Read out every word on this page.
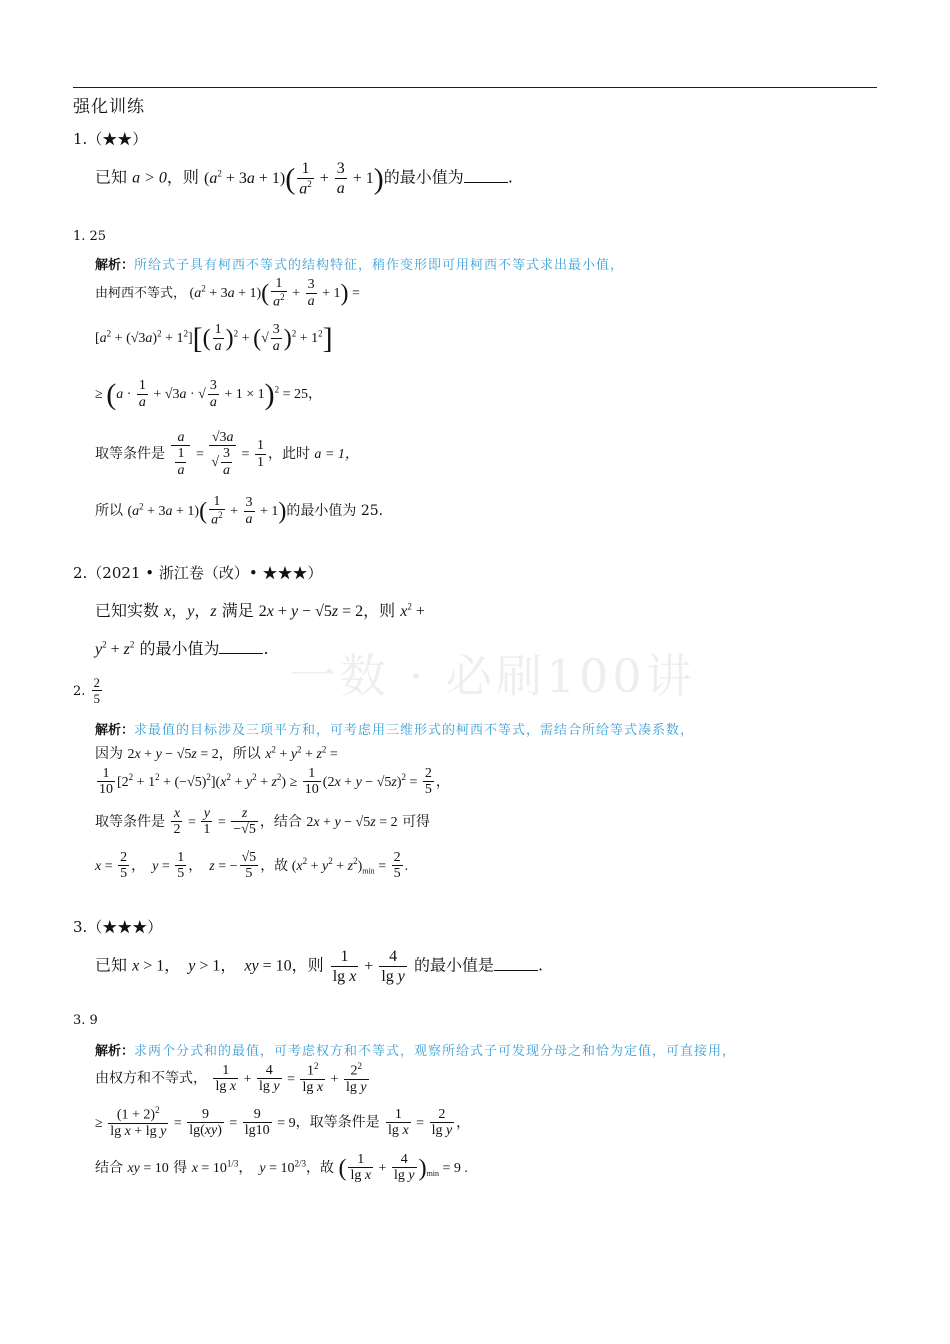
强化训练
1.（★★）
已知 a > 0，则 $(a^2 + 3a + 1)( \frac{1}{a^2} + \frac{3}{a} + 1)$的最小值为	.
1. 25
解析：所给式子具有柯西不等式的结构特征，稍作变形即可用柯西不等式求出最小值，
由柯西不等式， $(a^2 + 3a + 1)( \frac{1}{a^2} + \frac{3}{a} + 1)$ =
$[a^2 + (√3a)^2 + 1^2][( \frac{1}{a} )^2$ + (√ $\frac{3}{a} )^2 + 1^2$]
≥ ($a \cdot \frac{1}{a} + √3a$ · √ $\frac{3}{a} + 1 \times 1)^2 = 25$，
取等条件是 $\frac{a}{\frac{1}{a}} = \frac{√3a}{√ \frac{3}{a}} = \frac{1}{1}$ ，此时 a = 1，
所以 $(a^2 + 3a + 1)( \frac{1}{a^2} + \frac{3}{a} + 1)$的最小值为 25.
2.（2021 • 浙江卷（改）• ★★★）
已知实数 x，y，z 满足 2x + y − √5z = 2，则 $x^2$ +
$y^2 + z^2$ 的最小值为	.
2. $\frac{2}{5}$
解析：求最值的目标涉及三项平方和，可考虑用三维形式的柯西不等式，需结合所给等式凑系数，
因为 2x + y − √5z = 2，所以 $x^2 + y^2 + z^2$ =
$\frac{1}{10} [2^2 + 1^2 + (-√5)^2](x^2 + y^2 + z^2) \ge \frac{1}{10} (2x + y - √5z)^2 = \frac{2}{5}$ ，
取等条件是 $\frac{x}{2} = \frac{y}{1} = \frac{z}{-√5}$ ，结合 2x + y − √5z = 2 可得
$x = \frac{2}{5}$ ，  $y = \frac{1}{5}$ ，  z = − $\frac{√5}{5}$ ，故 $(x^2 + y^2 + z^2)_{min} = \frac{2}{5}$ .
3.（★★★）
已知 x > 1，  y > 1，  xy = 10，则 $\frac{1}{\text{lg x}} + \frac{4}{\text{lg y}}$ 的最小值是	.
3. 9
解析：求两个分式和的最值，可考虑权方和不等式，观察所给式子可发现分母之和恰为定值，可直接用，
由权方和不等式， $\frac{1}{\text{lg x}} + \frac{4}{\text{lg y}} = \frac{1^2}{\text{lg x}} + \frac{2^2}{\text{lg y}}$
≥ $\frac{(1 + 2)^2}{\text{lg x + lg y}} = \frac{9}{\lg(xy)} = \frac{9}{\lg 10} = 9$，取等条件是 $\frac{1}{\text{lg x}} = \frac{2}{\text{lg y}}$ ，
结合 xy = 10 得 $x = 10^{1/3}$，  $y = 10^{2/3}$，故 ( $\frac{1}{\text{lg x}} + \frac{4}{\text{lg y}} )_{min} = 9$ .
一数 · 必刷100讲
